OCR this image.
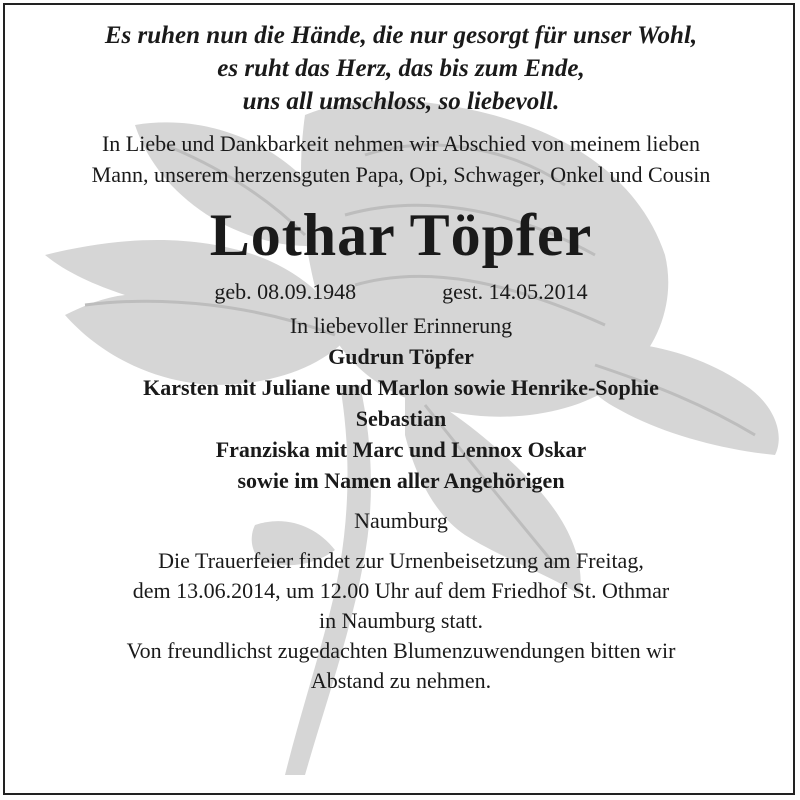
Es ruhen nun die Hände, die nur gesorgt für unser Wohl,
es ruht das Herz, das bis zum Ende,
uns all umschloss, so liebevoll.
In Liebe und Dankbarkeit nehmen wir Abschied von meinem lieben
Mann, unserem herzensguten Papa, Opi, Schwager, Onkel und Cousin
Lothar Töpfer
geb. 08.09.1948	gest. 14.05.2014
In liebevoller Erinnerung
Gudrun Töpfer
Karsten mit Juliane und Marlon sowie Henrike-Sophie
Sebastian
Franziska mit Marc und Lennox Oskar
sowie im Namen aller Angehörigen
Naumburg
Die Trauerfeier findet zur Urnenbeisetzung am Freitag,
dem 13.06.2014, um 12.00 Uhr auf dem Friedhof St. Othmar
in Naumburg statt.
Von freundlichst zugedachten Blumenzuwendungen bitten wir
Abstand zu nehmen.
